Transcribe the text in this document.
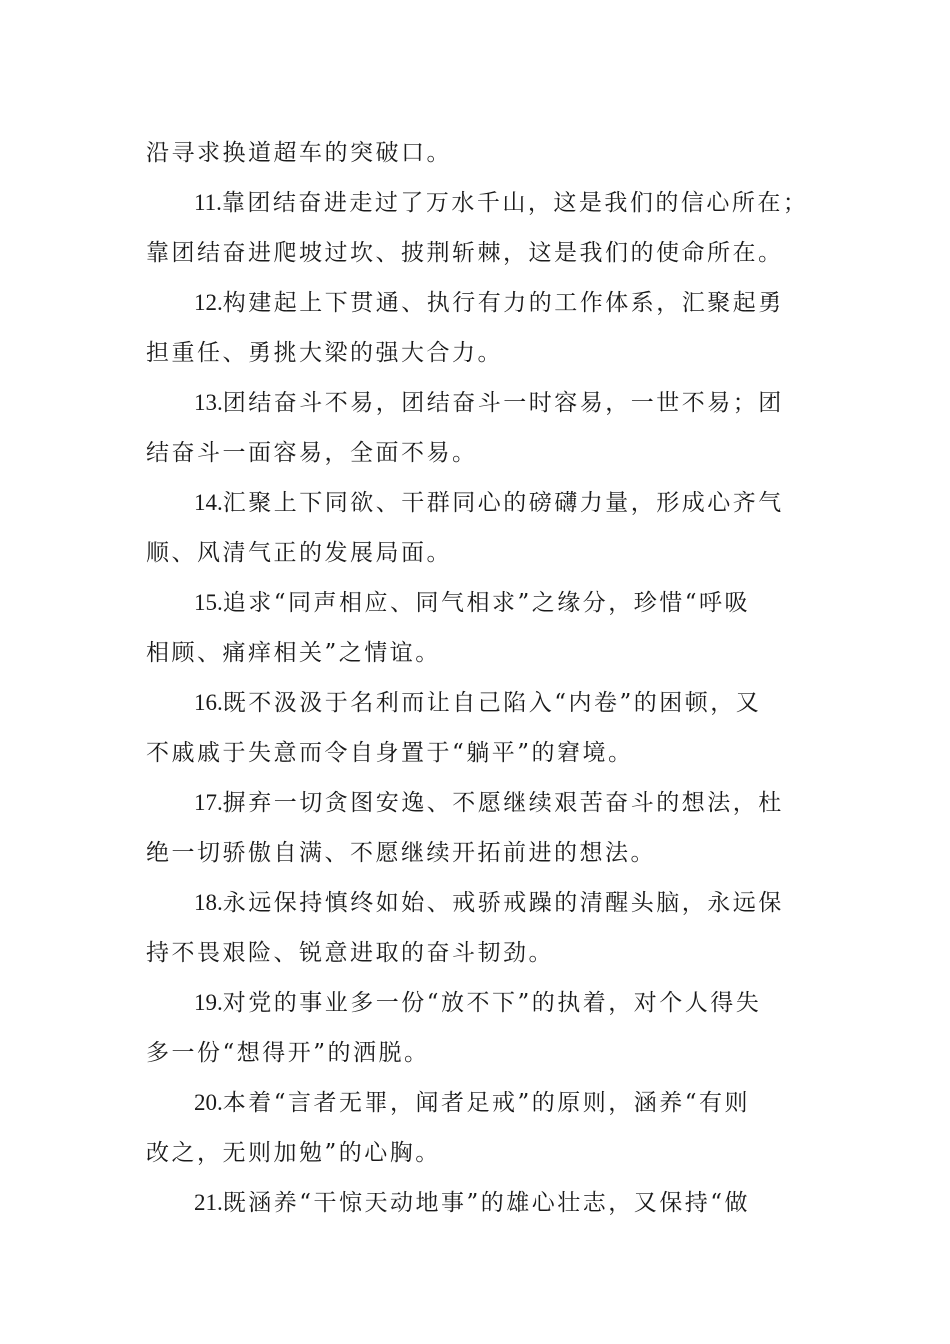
沿寻求换道超车的突破口。
11.靠团结奋进走过了万水千山，这是我们的信心所在；
靠团结奋进爬坡过坎、披荆斩棘，这是我们的使命所在。
12.构建起上下贯通、执行有力的工作体系，汇聚起勇
担重任、勇挑大梁的强大合力。
13.团结奋斗不易，团结奋斗一时容易，一世不易；团
结奋斗一面容易，全面不易。
14.汇聚上下同欲、干群同心的磅礴力量，形成心齐气
顺、风清气正的发展局面。
15.追求“同声相应、同气相求”之缘分，珍惜“呼吸
相顾、痛痒相关”之情谊。
16.既不汲汲于名利而让自己陷入“内卷”的困顿，又
不戚戚于失意而令自身置于“躺平”的窘境。
17.摒弃一切贪图安逸、不愿继续艰苦奋斗的想法，杜
绝一切骄傲自满、不愿继续开拓前进的想法。
18.永远保持慎终如始、戒骄戒躁的清醒头脑，永远保
持不畏艰险、锐意进取的奋斗韧劲。
19.对党的事业多一份“放不下”的执着，对个人得失
多一份“想得开”的洒脱。
20.本着“言者无罪，闻者足戒”的原则，涵养“有则
改之，无则加勉”的心胸。
21.既涵养“干惊天动地事”的雄心壮志，又保持“做
